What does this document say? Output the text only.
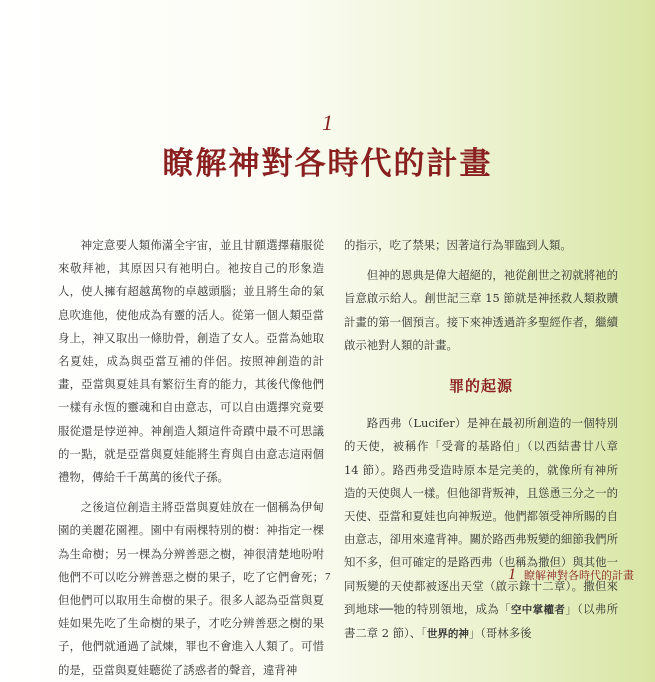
1
瞭解神對各時代的計畫

神定意要人類佈滿全宇宙，並且甘願選擇藉服從來敬拜祂，其原因只有祂明白。祂按自己的形象造人，使人擁有超越萬物的卓越頭腦；並且將生命的氣息吹進他，使他成為有靈的活人。從第一個人類亞當身上，神又取出一條肋骨，創造了女人。亞當為她取名夏娃，成為與亞當互補的伴侶。按照神創造的計畫，亞當與夏娃具有繁衍生育的能力，其後代像他們一樣有永恆的靈魂和自由意志，可以自由選擇究竟要服從還是悖逆神。神創造人類這件奇蹟中最不可思議的一點，就是亞當與夏娃能將生育與自由意志這兩個禮物，傳給千千萬萬的後代子孫。

之後這位創造主將亞當與夏娃放在一個稱為伊甸園的美麗花園裡。園中有兩棵特別的樹：神指定一棵為生命樹；另一棵為分辨善惡之樹，神很清楚地吩咐他們不可以吃分辨善惡之樹的果子，吃了它們會死；但他們可以取用生命樹的果子。很多人認為亞當與夏娃如果先吃了生命樹的果子，才吃分辨善惡之樹的果子，他們就通過了試煉，罪也不會進入人類了。可惜的是，亞當與夏娃聽從了誘惑者的聲音，違背神

的指示，吃了禁果；因著這行為罪臨到人類。

但神的恩典是偉大超絕的，祂從創世之初就將祂的旨意啟示給人。創世記三章 15 節就是神拯救人類救贖計畫的第一個預言。接下來神透過許多聖經作者，繼續啟示祂對人類的計畫。

罪的起源

路西弗（Lucifer）是神在最初所創造的一個特別的天使，被稱作「受膏的基路伯」（以西結書廿八章 14 節）。路西弗受造時原本是完美的，就像所有神所造的天使與人一樣。但他卻背叛神，且慫恿三分之一的天使、亞當和夏娃也向神叛逆。他們都領受神所賜的自由意志，卻用來違背神。關於路西弗叛變的細節我們所知不多，但可確定的是路西弗（也稱為撒但）與其他一同叛變的天使都被逐出天堂（啟示錄十二章）。撒但來到地球──牠的特別領地，成為「空中掌權者」（以弗所書二章 2 節）、「世界的神」（哥林多後

7	1 瞭解神對各時代的計畫
